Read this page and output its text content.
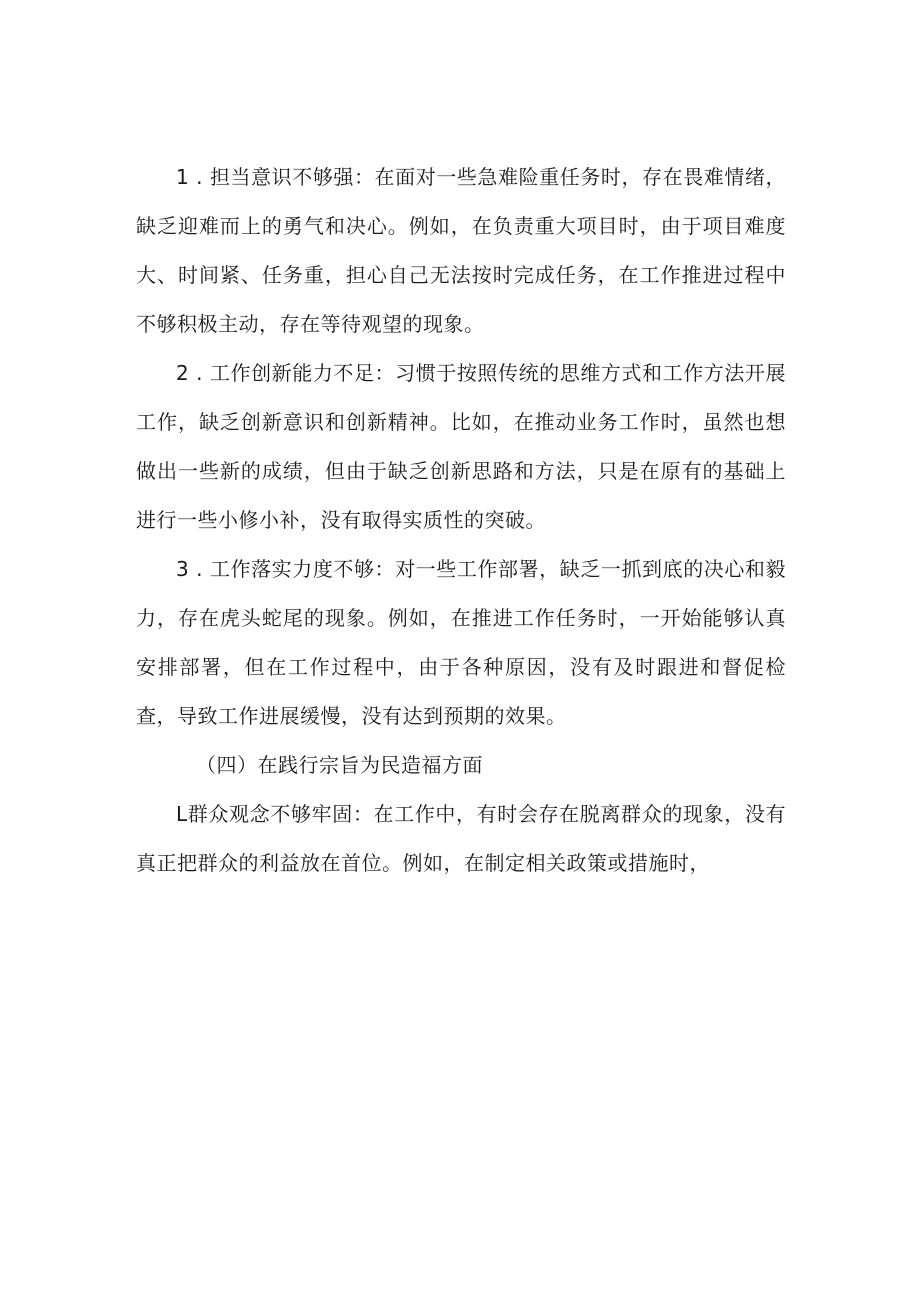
1 . 担当意识不够强：在面对一些急难险重任务时，存在畏难情绪，缺乏迎难而上的勇气和决心。例如，在负责重大项目时，由于项目难度大、时间紧、任务重，担心自己无法按时完成任务，在工作推进过程中不够积极主动，存在等待观望的现象。

2 . 工作创新能力不足：习惯于按照传统的思维方式和工作方法开展工作，缺乏创新意识和创新精神。比如，在推动业务工作时，虽然也想做出一些新的成绩，但由于缺乏创新思路和方法，只是在原有的基础上进行一些小修小补，没有取得实质性的突破。

3 . 工作落实力度不够：对一些工作部署，缺乏一抓到底的决心和毅力，存在虎头蛇尾的现象。例如，在推进工作任务时，一开始能够认真安排部署，但在工作过程中，由于各种原因，没有及时跟进和督促检查，导致工作进展缓慢，没有达到预期的效果。

（四）在践行宗旨为民造福方面

L群众观念不够牢固：在工作中，有时会存在脱离群众的现象，没有真正把群众的利益放在首位。例如，在制定相关政策或措施时，
